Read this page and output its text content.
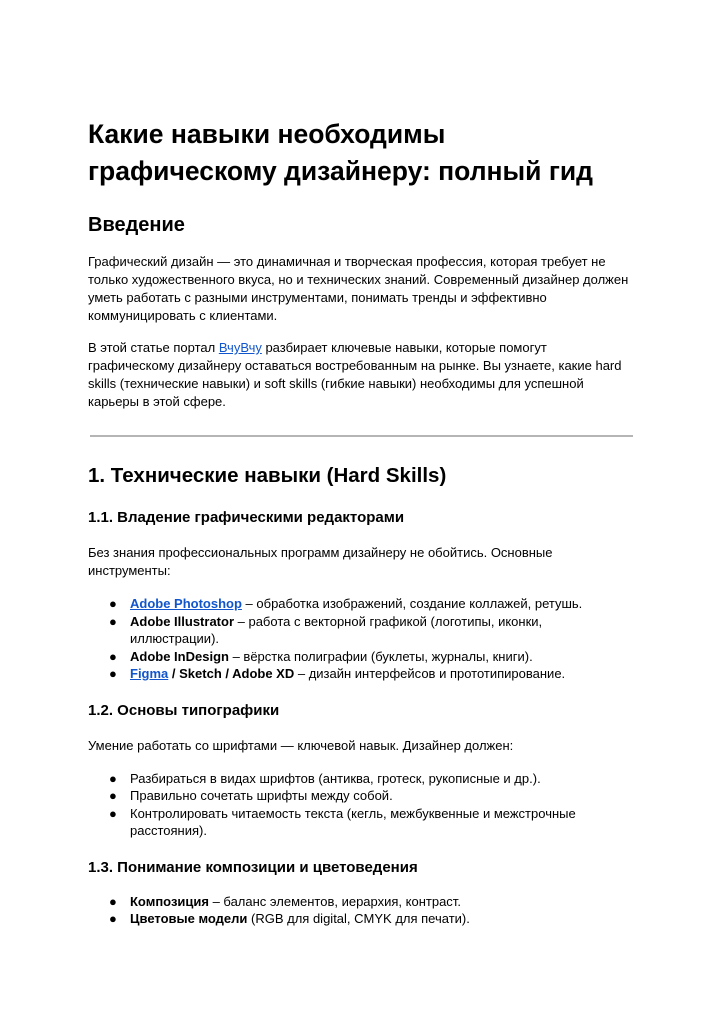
Какие навыки необходимы графическому дизайнеру: полный гид
Введение

Графический дизайн — это динамичная и творческая профессия, которая требует не только художественного вкуса, но и технических знаний. Современный дизайнер должен уметь работать с разными инструментами, понимать тренды и эффективно коммуницировать с клиентами.

В этой статье портал ВчуВчу разбирает ключевые навыки, которые помогут графическому дизайнеру оставаться востребованным на рынке. Вы узнаете, какие hard skills (технические навыки) и soft skills (гибкие навыки) необходимы для успешной карьеры в этой сфере.

1. Технические навыки (Hard Skills)
1.1. Владение графическими редакторами

Без знания профессиональных программ дизайнеру не обойтись. Основные инструменты:

● Adobe Photoshop – обработка изображений, создание коллажей, ретушь.
● Adobe Illustrator – работа с векторной графикой (логотипы, иконки, иллюстрации).
● Adobe InDesign – вёрстка полиграфии (буклеты, журналы, книги).
● Figma / Sketch / Adobe XD – дизайн интерфейсов и прототипирование.
1.2. Основы типографики

Умение работать со шрифтами — ключевой навык. Дизайнер должен:

● Разбираться в видах шрифтов (антиква, гротеск, рукописные и др.).
● Правильно сочетать шрифты между собой.
● Контролировать читаемость текста (кегль, межбуквенные и межстрочные расстояния).
1.3. Понимание композиции и цветоведения
● Композиция – баланс элементов, иерархия, контраст.
● Цветовые модели (RGB для digital, CMYK для печати).
